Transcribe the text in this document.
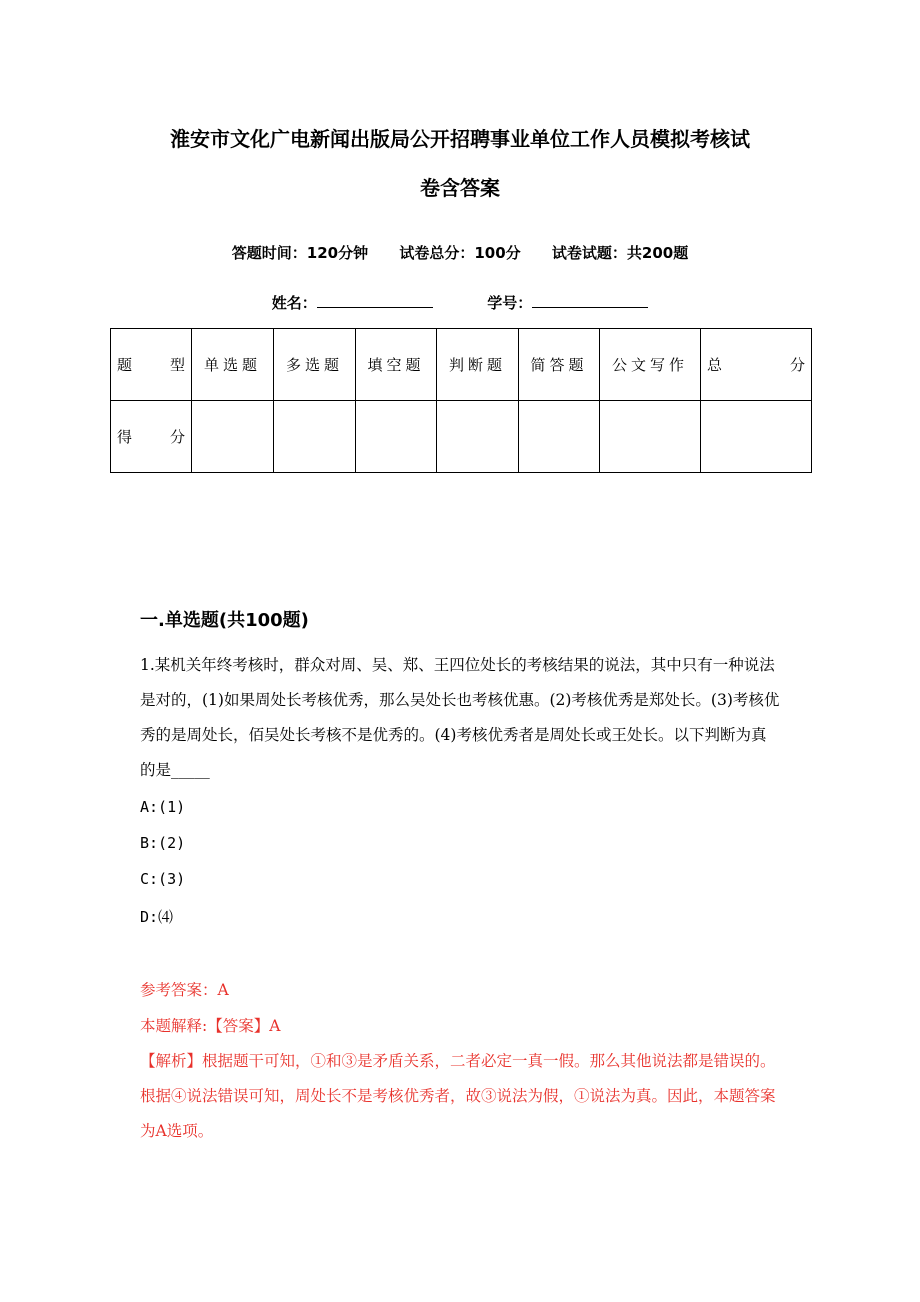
淮安市文化广电新闻出版局公开招聘事业单位工作人员模拟考核试
卷含答案
答题时间：120分钟 试卷总分：100分 试卷试题：共200题
姓名：	学号：
题型	单选题	多选题	填空题	判断题	简答题	公文写作	总分
得分							
一.单选题(共100题)
1.某机关年终考核时，群众对周、吴、郑、王四位处长的考核结果的说法，其中只有一种说法是对的，(1)如果周处长考核优秀，那么吴处长也考核优惠。(2)考核优秀是郑处长。(3)考核优秀的是周处长，佰吴处长考核不是优秀的。(4)考核优秀者是周处长或王处长。以下判断为真的是_____
A:(1)
B:(2)
C:(3)
D:⑷
参考答案：A
本题解释:【答案】A
【解析】根据题干可知，①和③是矛盾关系，二者必定一真一假。那么其他说法都是错误的。根据④说法错误可知，周处长不是考核优秀者，故③说法为假，①说法为真。因此，本题答案为A选项。
